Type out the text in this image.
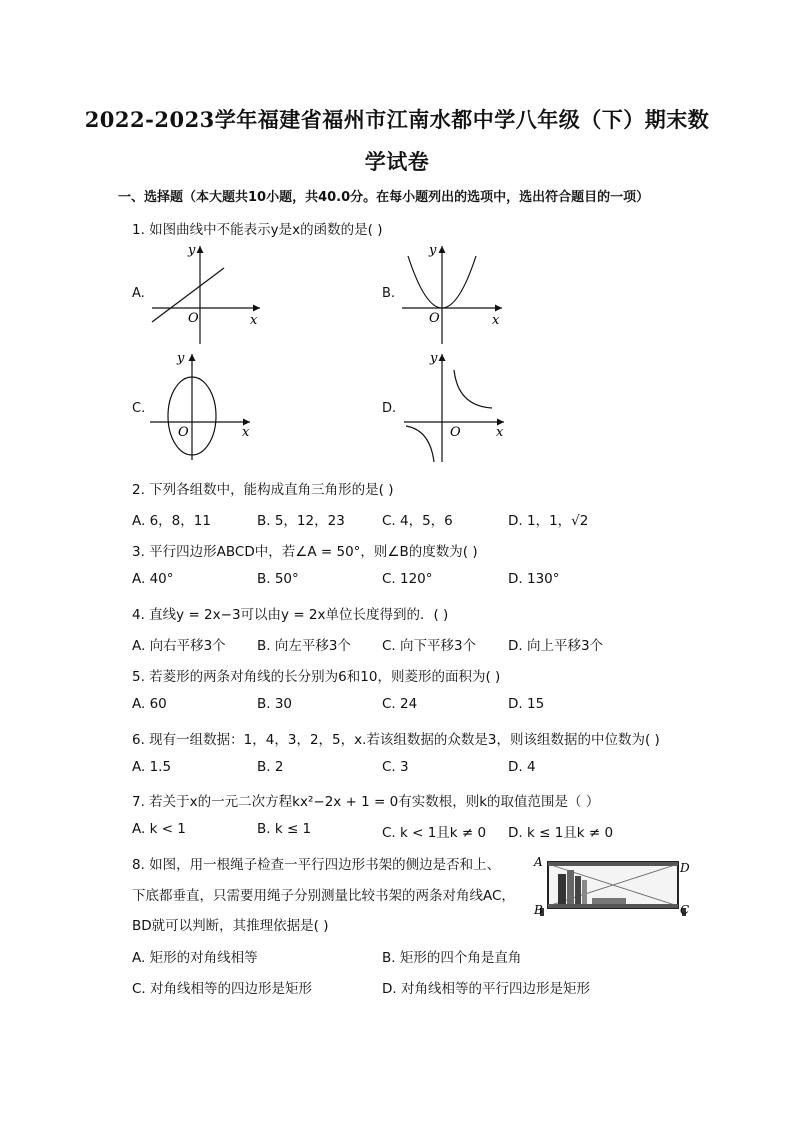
2022-2023学年福建省福州市江南水都中学八年级（下）期末数
学试卷
一、选择题（本大题共10小题，共40.0分。在每小题列出的选项中，选出符合题目的一项）
1. 如图曲线中不能表示y是x的函数的是( )
A.	B.
C.	D.
y
x
O
y
x
O
y
x
O
y
x
O
2. 下列各组数中，能构成直角三角形的是( )
A. 6，8，11	B. 5，12，23	C. 4，5，6	D. 1，1，√2
3. 平行四边形ABCD中，若∠A = 50°，则∠B的度数为( )
A. 40°	B. 50°	C. 120°	D. 130°
4. 直线y = 2x−3可以由y = 2x单位长度得到的．( )
A. 向右平移3个 B. 向左平移3个 C. 向下平移3个 D. 向上平移3个
5. 若菱形的两条对角线的长分别为6和10，则菱形的面积为( )
A. 60	B. 30	C. 24	D. 15
6. 现有一组数据：1，4，3，2，5，x.若该组数据的众数是3，则该组数据的中位数为( )
A. 1.5	B. 2	C. 3	D. 4
7. 若关于x的一元二次方程kx²−2x + 1 = 0有实数根，则k的取值范围是（ ）
A. k < 1	B. k ≤ 1	C. k < 1且k ≠ 0 D. k ≤ 1且k ≠ 0
8. 如图，用一根绳子检查一平行四边形书架的侧边是否和上、
下底都垂直，只需要用绳子分别测量比较书架的两条对角线AC，
BD就可以判断，其推理依据是( )
A	D
B	C
A. 矩形的对角线相等	B. 矩形的四个角是直角
C. 对角线相等的四边形是矩形	D. 对角线相等的平行四边形是矩形
